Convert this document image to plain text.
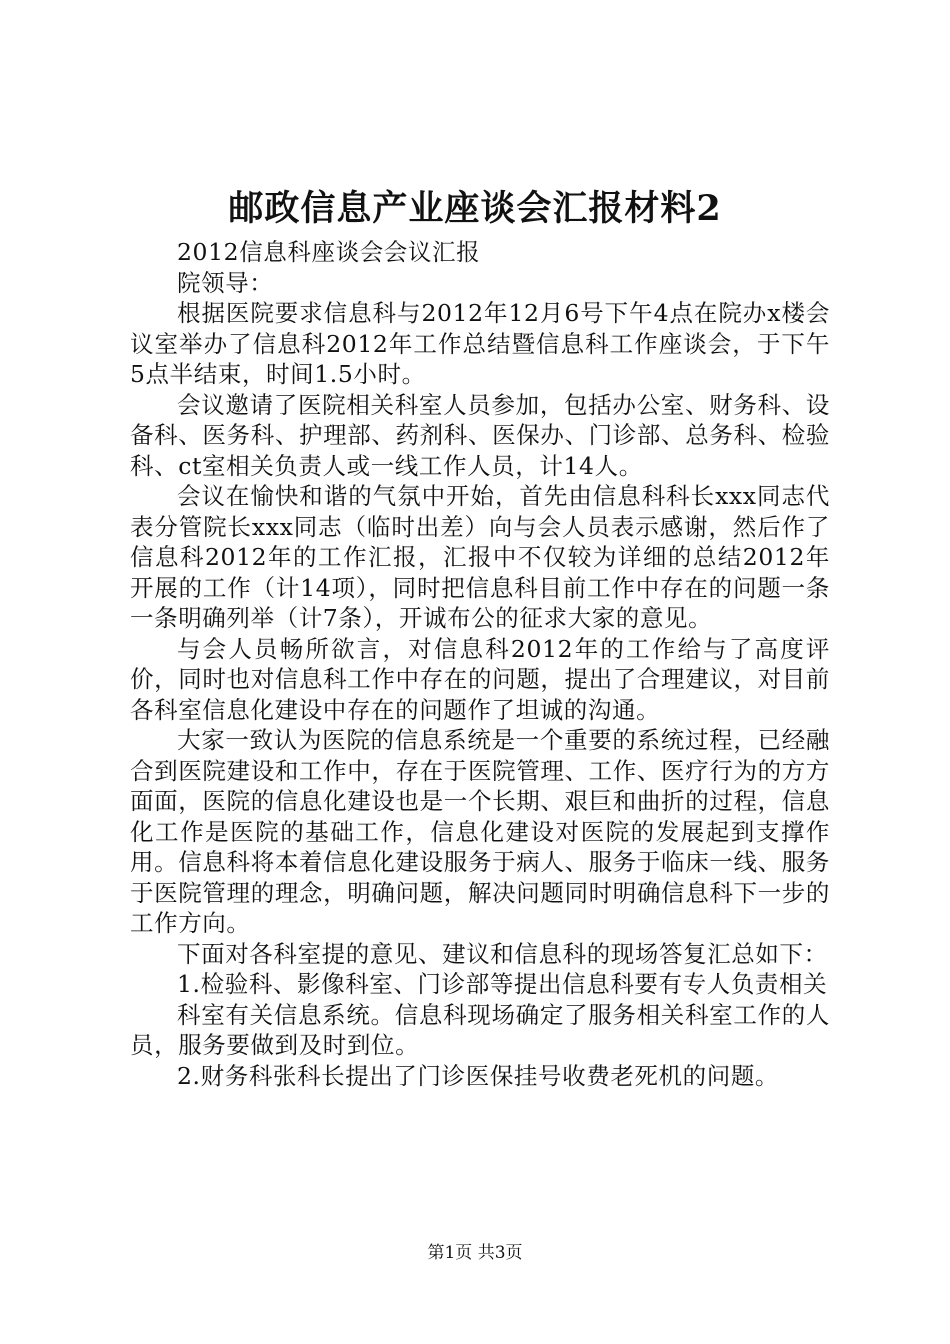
邮政信息产业座谈会汇报材料2

2012信息科座谈会会议汇报

院领导：

根据医院要求信息科与2012年12月6号下午4点在院办x楼会议室举办了信息科2012年工作总结暨信息科工作座谈会，于下午5点半结束，时间1.5小时。

会议邀请了医院相关科室人员参加，包括办公室、财务科、设备科、医务科、护理部、药剂科、医保办、门诊部、总务科、检验科、ct室相关负责人或一线工作人员，计14人。

会议在愉快和谐的气氛中开始，首先由信息科科长xxx同志代表分管院长xxx同志（临时出差）向与会人员表示感谢，然后作了信息科2012年的工作汇报，汇报中不仅较为详细的总结2012年开展的工作（计14项），同时把信息科目前工作中存在的问题一条一条明确列举（计7条），开诚布公的征求大家的意见。

与会人员畅所欲言，对信息科2012年的工作给与了高度评价，同时也对信息科工作中存在的问题，提出了合理建议，对目前各科室信息化建设中存在的问题作了坦诚的沟通。

大家一致认为医院的信息系统是一个重要的系统过程，已经融合到医院建设和工作中，存在于医院管理、工作、医疗行为的方方面面，医院的信息化建设也是一个长期、艰巨和曲折的过程，信息化工作是医院的基础工作，信息化建设对医院的发展起到支撑作用。信息科将本着信息化建设服务于病人、服务于临床一线、服务于医院管理的理念，明确问题，解决问题同时明确信息科下一步的工作方向。

下面对各科室提的意见、建议和信息科的现场答复汇总如下：

1.检验科、影像科室、门诊部等提出信息科要有专人负责相关

科室有关信息系统。信息科现场确定了服务相关科室工作的人员，服务要做到及时到位。

2.财务科张科长提出了门诊医保挂号收费老死机的问题。

第1页 共3页
